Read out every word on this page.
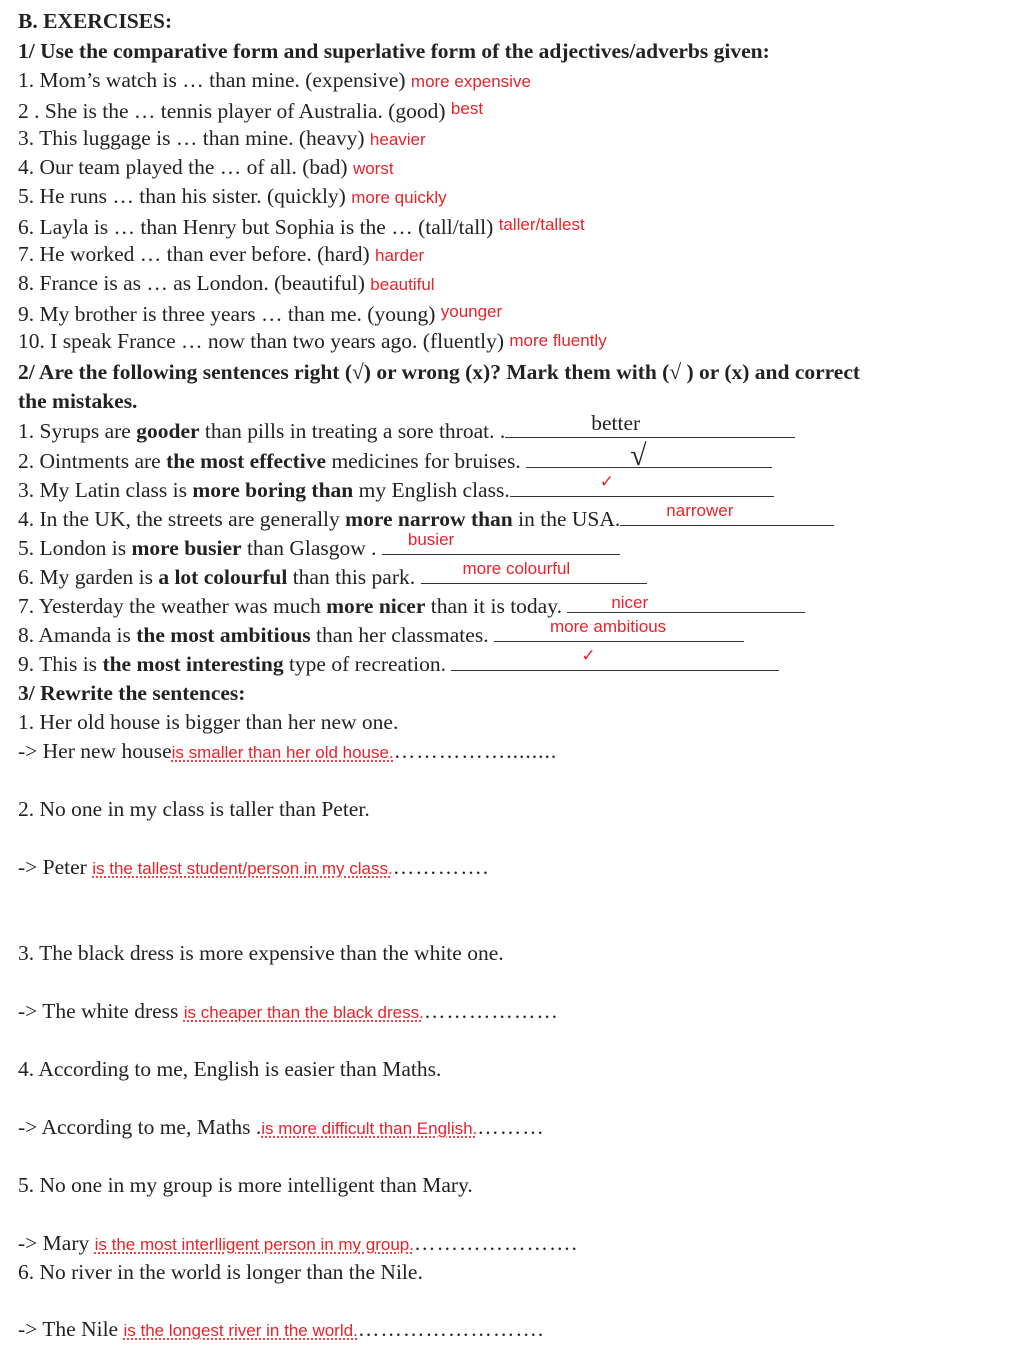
B. EXERCISES:
1/ Use the comparative form and superlative form of the adjectives/adverbs given:
1. Mom’s watch is … than mine. (expensive) more expensive
2 . She is the … tennis player of Australia. (good) best
3. This luggage is … than mine. (heavy) heavier
4. Our team played the … of all. (bad) worst
5. He runs … than his sister. (quickly) more quickly
6. Layla is … than Henry but Sophia is the … (tall/tall) taller/tallest
7. He worked … than ever before. (hard) harder
8. France is as … as London. (beautiful) beautiful
9. My brother is three years … than me. (young) younger
10. I speak France … now than two years ago. (fluently) more fluently
2/ Are the following sentences right (√) or wrong (x)? Mark them with (√ ) or (x) and correct
the mistakes.
1. Syrups are gooder than pills in treating a sore throat. .	better
2. Ointments are the most effective medicines for bruises.	√
3. My Latin class is more boring than my English class.	✓
4. In the UK, the streets are generally more narrow than in the USA.	narrower
5. London is more busier than Glasgow . busier
6. My garden is a lot colourful than this park. more colourful
7. Yesterday the weather was much more nicer than it is today.	nicer
8. Amanda is the most ambitious than her classmates.	more ambitious
9. This is the most interesting type of recreation.	✓
3/ Rewrite the sentences:
1. Her old house is bigger than her new one.
-> Her new houseis smaller than her old house.……………........
2. No one in my class is taller than Peter.
-> Peter is the tallest student/person in my class.………….
3. The black dress is more expensive than the white one.
-> The white dress is cheaper than the black dress.………………
4. According to me, English is easier than Maths.
-> According to me, Maths .is more difficult than English.………
5. No one in my group is more intelligent than Mary.
-> Mary is the most interlligent person in my group.………………….
6. No river in the world is longer than the Nile.
-> The Nile is the longest river in the world.…………………….
